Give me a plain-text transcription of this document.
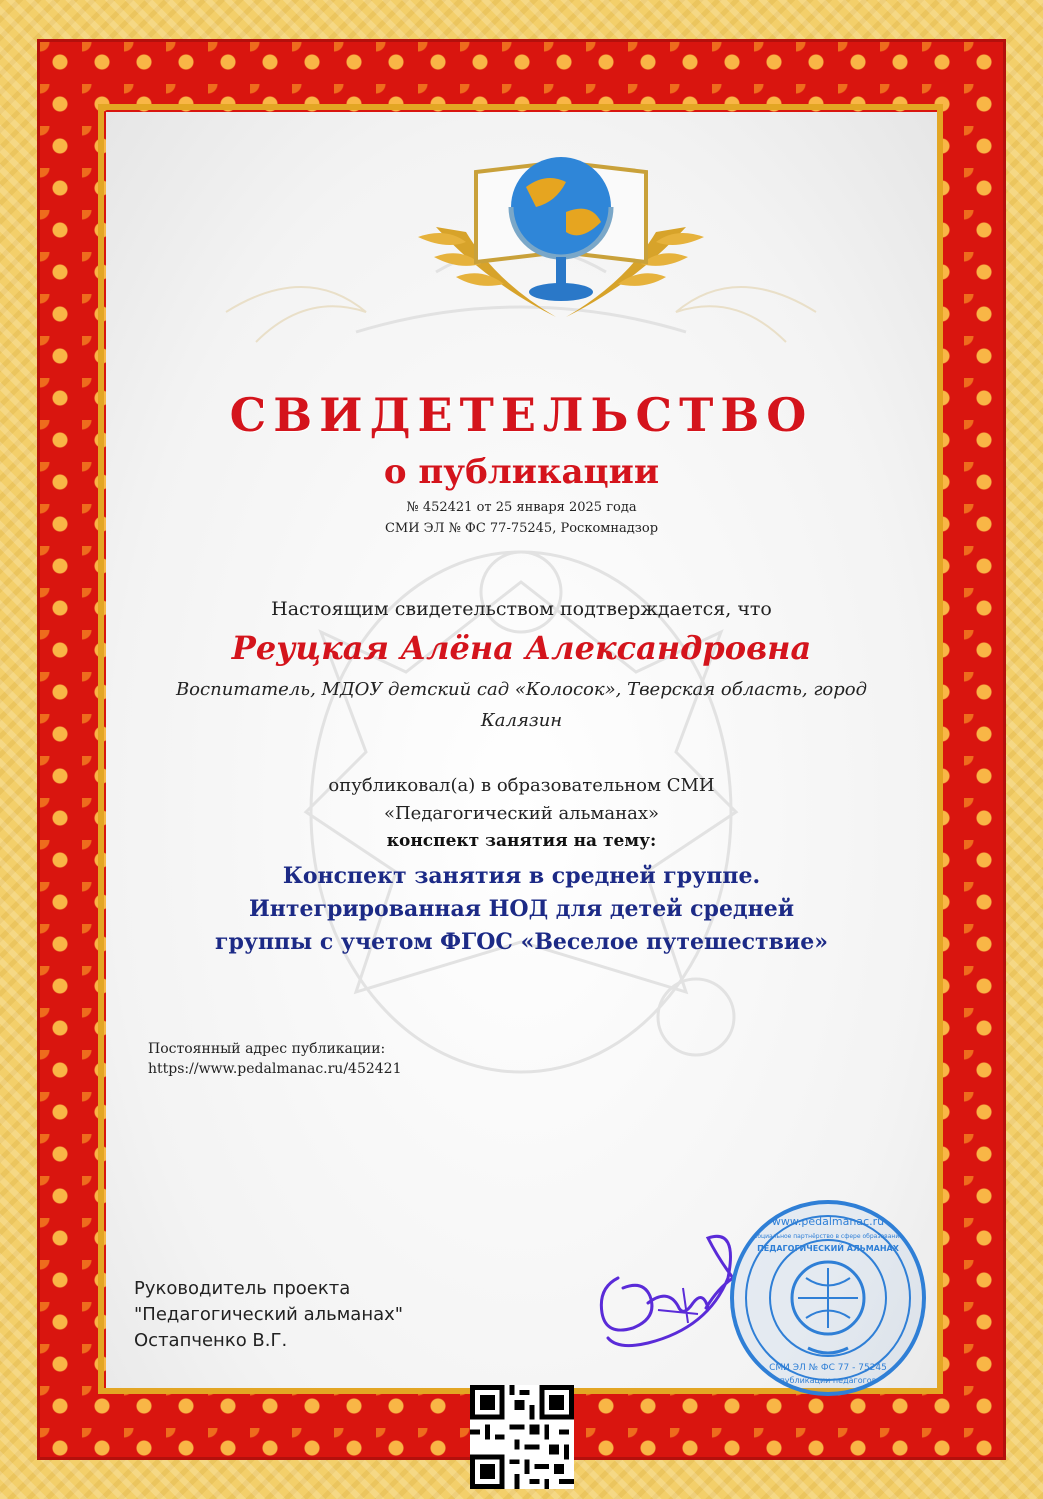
СВИДЕТЕЛЬСТВО
о публикации
№ 452421 от 25 января 2025 года
СМИ ЭЛ № ФС 77-75245, Роскомнадзор
Настоящим свидетельством подтверждается, что
Реуцкая Алёна Александровна
Воспитатель, МДОУ детский сад «Колосок», Тверская область, город Калязин
опубликовал(а) в образовательном СМИ
«Педагогический альманах»
конспект занятия на тему:
Конспект занятия в средней группе. Интегрированная НОД для детей средней группы с учетом ФГОС «Веселое путешествие»
Постоянный адрес публикации:
https://www.pedalmanac.ru/452421
Руководитель проекта
"Педагогический альманах"
Остапченко В.Г.
www.pedalmanac.ru
Социальное партнёрство в сфере образования
ПЕДАГОГИЧЕСКИЙ АЛЬМАНАХ
СМИ ЭЛ № ФС 77 - 75245
публикации педагогов
